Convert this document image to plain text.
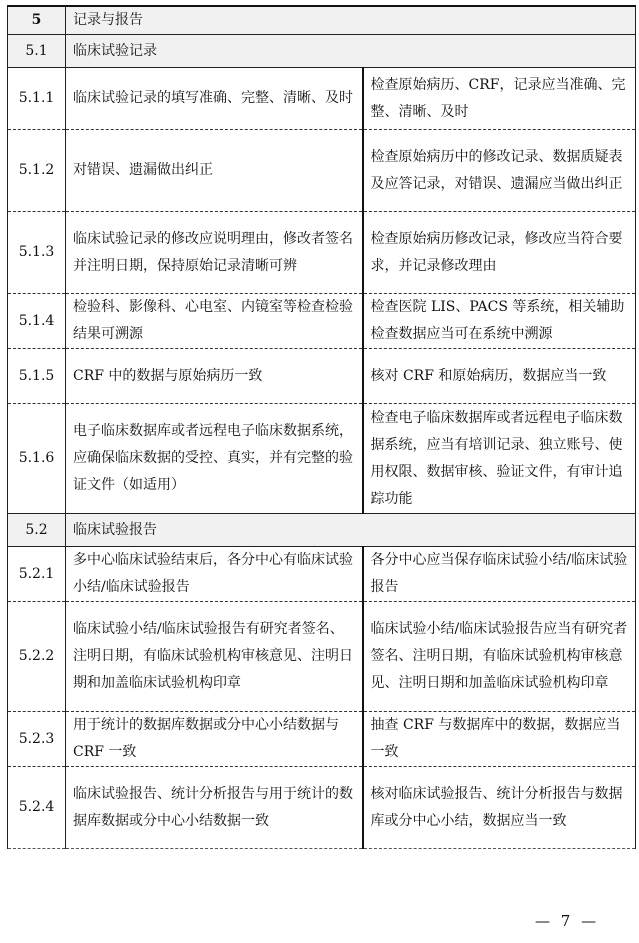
5	记录与报告	
5.1	临床试验记录	
5.1.1	临床试验记录的填写准确、完整、清晰、及时	检查原始病历、CRF，记录应当准确、完整、清晰、及时
5.1.2	对错误、遗漏做出纠正	检查原始病历中的修改记录、数据质疑表及应答记录，对错误、遗漏应当做出纠正
5.1.3	临床试验记录的修改应说明理由，修改者签名并注明日期，保持原始记录清晰可辨	检查原始病历修改记录，修改应当符合要求，并记录修改理由
5.1.4	检验科、影像科、心电室、内镜室等检查检验结果可溯源	检查医院 LIS、PACS 等系统，相关辅助检查数据应当可在系统中溯源
5.1.5	CRF 中的数据与原始病历一致	核对 CRF 和原始病历，数据应当一致
5.1.6	电子临床数据库或者远程电子临床数据系统，应确保临床数据的受控、真实，并有完整的验证文件（如适用）	检查电子临床数据库或者远程电子临床数据系统，应当有培训记录、独立账号、使用权限、数据审核、验证文件，有审计追踪功能
5.2	临床试验报告	
5.2.1	多中心临床试验结束后，各分中心有临床试验小结/临床试验报告	各分中心应当保存临床试验小结/临床试验报告
5.2.2	临床试验小结/临床试验报告有研究者签名、注明日期，有临床试验机构审核意见、注明日期和加盖临床试验机构印章	临床试验小结/临床试验报告应当有研究者签名、注明日期，有临床试验机构审核意见、注明日期和加盖临床试验机构印章
5.2.3	用于统计的数据库数据或分中心小结数据与 CRF 一致	抽查 CRF 与数据库中的数据，数据应当一致
5.2.4	临床试验报告、统计分析报告与用于统计的数据库数据或分中心小结数据一致	核对临床试验报告、统计分析报告与数据库或分中心小结，数据应当一致
— 7 —
